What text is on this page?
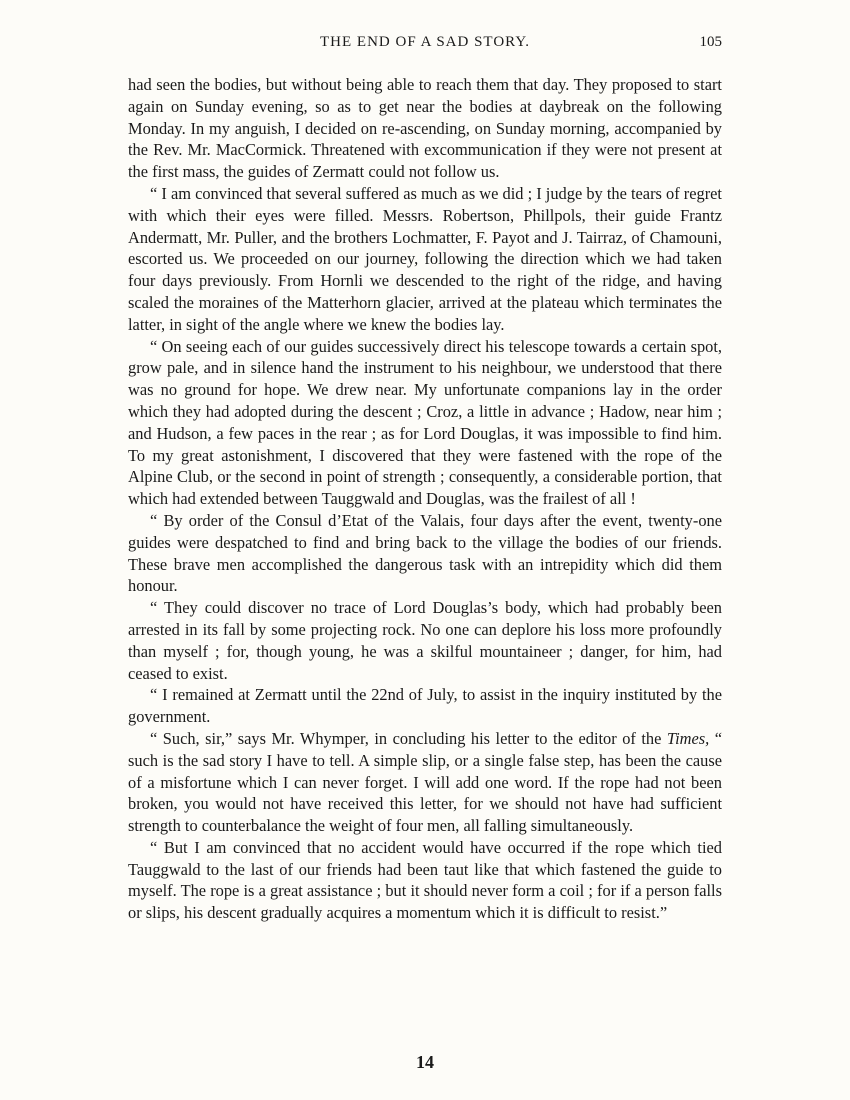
THE END OF A SAD STORY.	105

had seen the bodies, but without being able to reach them that day. They proposed to start again on Sunday evening, so as to get near the bodies at daybreak on the following Monday. In my anguish, I decided on re-ascending, on Sunday morning, accompanied by the Rev. Mr. MacCormick. Threatened with excommunication if they were not present at the first mass, the guides of Zermatt could not follow us.

“ I am convinced that several suffered as much as we did ; I judge by the tears of regret with which their eyes were filled. Messrs. Robertson, Phillpols, their guide Frantz Andermatt, Mr. Puller, and the brothers Lochmatter, F. Payot and J. Tairraz, of Chamouni, escorted us. We proceeded on our journey, following the direction which we had taken four days previously. From Hornli we descended to the right of the ridge, and having scaled the moraines of the Matterhorn glacier, arrived at the plateau which terminates the latter, in sight of the angle where we knew the bodies lay.

“ On seeing each of our guides successively direct his telescope towards a certain spot, grow pale, and in silence hand the instrument to his neighbour, we understood that there was no ground for hope. We drew near. My unfortunate companions lay in the order which they had adopted during the descent ; Croz, a little in advance ; Hadow, near him ; and Hudson, a few paces in the rear ; as for Lord Douglas, it was impossible to find him. To my great astonishment, I discovered that they were fastened with the rope of the Alpine Club, or the second in point of strength ; consequently, a considerable portion, that which had extended between Tauggwald and Douglas, was the frailest of all !

“ By order of the Consul d’Etat of the Valais, four days after the event, twenty-one guides were despatched to find and bring back to the village the bodies of our friends. These brave men accomplished the dangerous task with an intrepidity which did them honour.

“ They could discover no trace of Lord Douglas’s body, which had probably been arrested in its fall by some projecting rock. No one can deplore his loss more profoundly than myself ; for, though young, he was a skilful mountaineer ; danger, for him, had ceased to exist.

“ I remained at Zermatt until the 22nd of July, to assist in the inquiry instituted by the government.

“ Such, sir,” says Mr. Whymper, in concluding his letter to the editor of the Times, “ such is the sad story I have to tell. A simple slip, or a single false step, has been the cause of a misfortune which I can never forget. I will add one word. If the rope had not been broken, you would not have received this letter, for we should not have had sufficient strength to counterbalance the weight of four men, all falling simultaneously.

“ But I am convinced that no accident would have occurred if the rope which tied Tauggwald to the last of our friends had been taut like that which fastened the guide to myself. The rope is a great assistance ; but it should never form a coil ; for if a person falls or slips, his descent gradually acquires a momentum which it is difficult to resist.”

14
